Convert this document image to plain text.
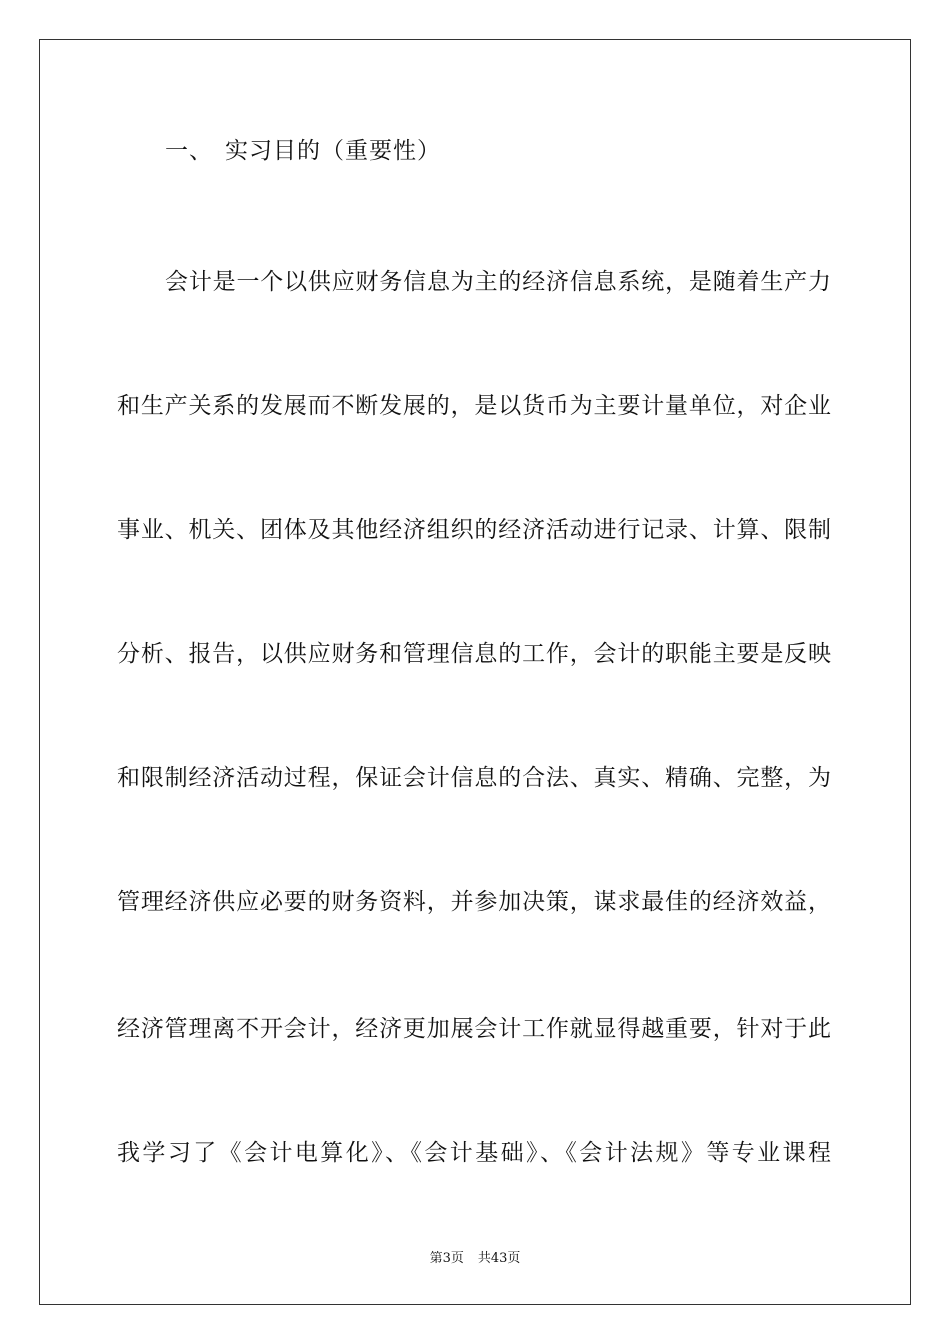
一、 实习目的（重要性）
会计是一个以供应财务信息为主的经济信息系统，是随着生产力
和生产关系的发展而不断发展的，是以货币为主要计量单位，对企业
事业、机关、团体及其他经济组织的经济活动进行记录、计算、限制
分析、报告，以供应财务和管理信息的工作，会计的职能主要是反映
和限制经济活动过程，保证会计信息的合法、真实、精确、完整，为
管理经济供应必要的财务资料，并参加决策，谋求最佳的经济效益，
经济管理离不开会计，经济更加展会计工作就显得越重要，针对于此
我学习了《会计电算化》、《会计基础》、《会计法规》等专业课程
第3页 共43页
